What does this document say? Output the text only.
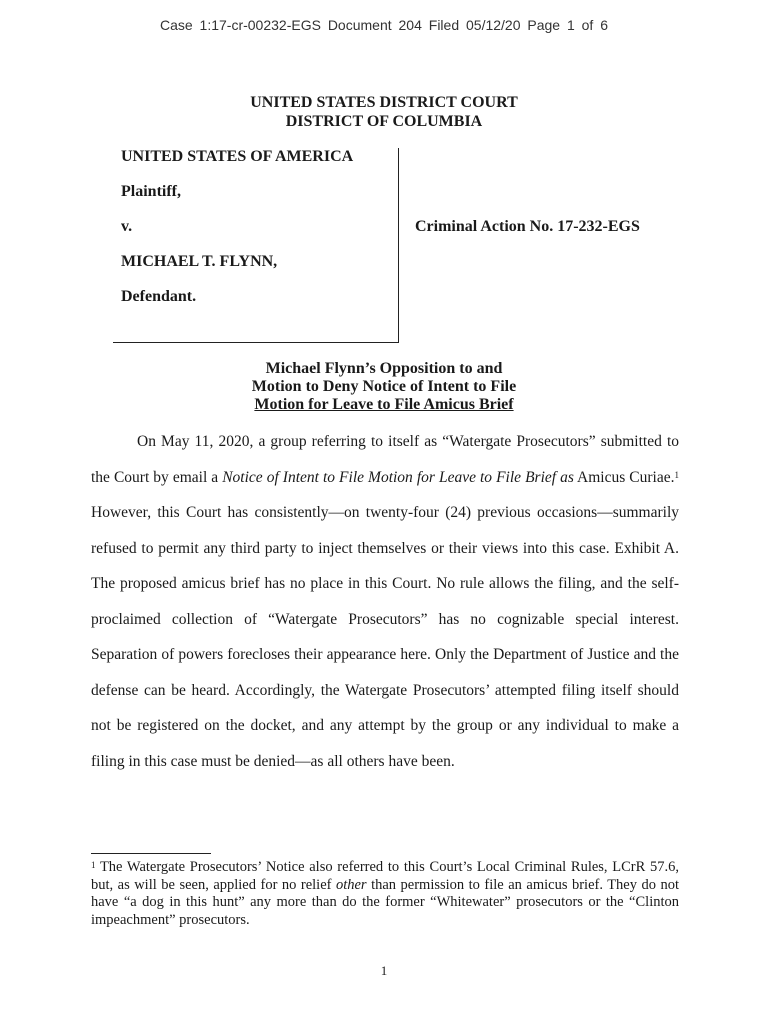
Case 1:17-cr-00232-EGS Document 204 Filed 05/12/20 Page 1 of 6
UNITED STATES DISTRICT COURT
DISTRICT OF COLUMBIA
UNITED STATES OF AMERICA
Plaintiff,
v.
MICHAEL T. FLYNN,
Defendant.
Criminal Action No. 17-232-EGS
Michael Flynn’s Opposition to and
Motion to Deny Notice of Intent to File
Motion for Leave to File Amicus Brief

On May 11, 2020, a group referring to itself as “Watergate Prosecutors” submitted to the Court by email a Notice of Intent to File Motion for Leave to File Brief as Amicus Curiae.$^1$ However, this Court has consistently—on twenty-four (24) previous occasions—summarily refused to permit any third party to inject themselves or their views into this case. Exhibit A. The proposed amicus brief has no place in this Court. No rule allows the filing, and the self-proclaimed collection of “Watergate Prosecutors” has no cognizable special interest. Separation of powers forecloses their appearance here. Only the Department of Justice and the defense can be heard. Accordingly, the Watergate Prosecutors’ attempted filing itself should not be registered on the docket, and any attempt by the group or any individual to make a filing in this case must be denied—as all others have been.

$^1$ The Watergate Prosecutors’ Notice also referred to this Court’s Local Criminal Rules, LCrR 57.6, but, as will be seen, applied for no relief other than permission to file an amicus brief. They do not have “a dog in this hunt” any more than do the former “Whitewater” prosecutors or the “Clinton impeachment” prosecutors.
1
